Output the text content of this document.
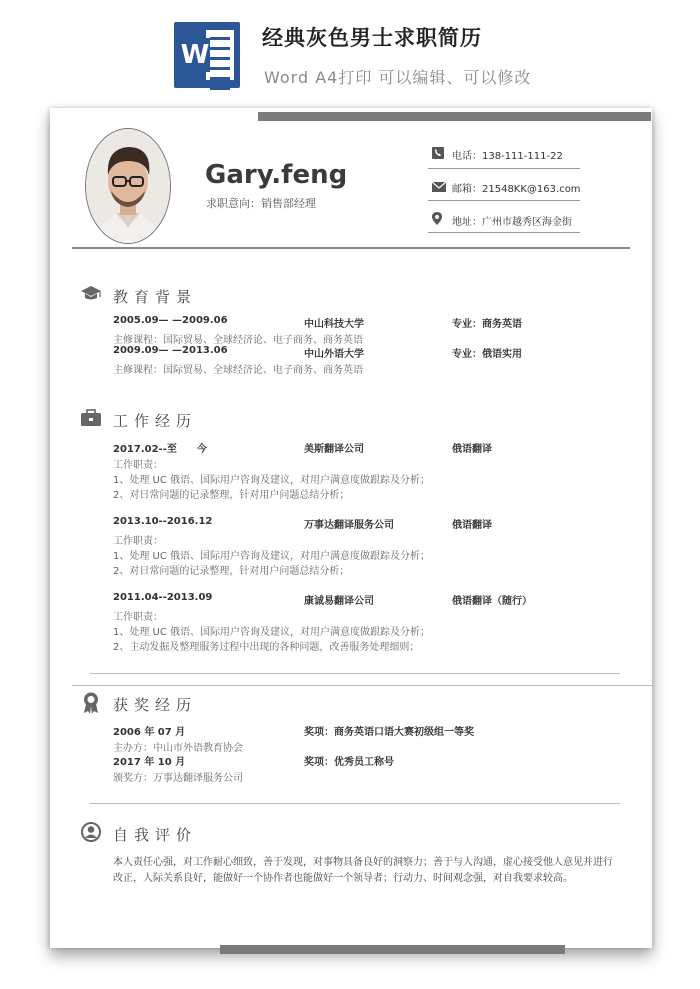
W
经典灰色男士求职简历
Word A4打印 可以编辑、可以修改
Gary.feng
求职意向：销售部经理
电话：138-111-111-22
邮箱：21548KK@163.com
地址：广州市越秀区海金街
教育背景
2005.09— —2009.06	中山科技大学	专业：商务英语
主修课程：国际贸易、全球经济论、电子商务、商务英语
2009.09— —2013.06	中山外语大学	专业：俄语实用
主修课程：国际贸易、全球经济论、电子商务、商务英语
工作经历
2017.02--至　　今	美斯翻译公司	俄语翻译
工作职责：
1、处理 UC 俄语、国际用户咨询及建议，对用户满意度做跟踪及分析；
2、对日常问题的记录整理，针对用户问题总结分析；
2013.10--2016.12	万事达翻译服务公司	俄语翻译
工作职责：
1、处理 UC 俄语、国际用户咨询及建议，对用户满意度做跟踪及分析；
2、对日常问题的记录整理，针对用户问题总结分析；
2011.04--2013.09	康诚易翻译公司	俄语翻译（随行）
工作职责：
1、处理 UC 俄语、国际用户咨询及建议，对用户满意度做跟踪及分析；
2、主动发掘及整理服务过程中出现的各种问题，改善服务处理细则；
获奖经历
2006 年 07 月	奖项：商务英语口语大赛初级组一等奖
主办方：中山市外语教育协会
2017 年 10 月	奖项：优秀员工称号
颁奖方：万事达翻译服务公司
自我评价
本人责任心强，对工作耐心细致，善于发现，对事物具备良好的洞察力；善于与人沟通，虚心接受他人意见并进行改正，人际关系良好，能做好一个协作者也能做好一个领导者；行动力、时间观念强，对自我要求较高。
